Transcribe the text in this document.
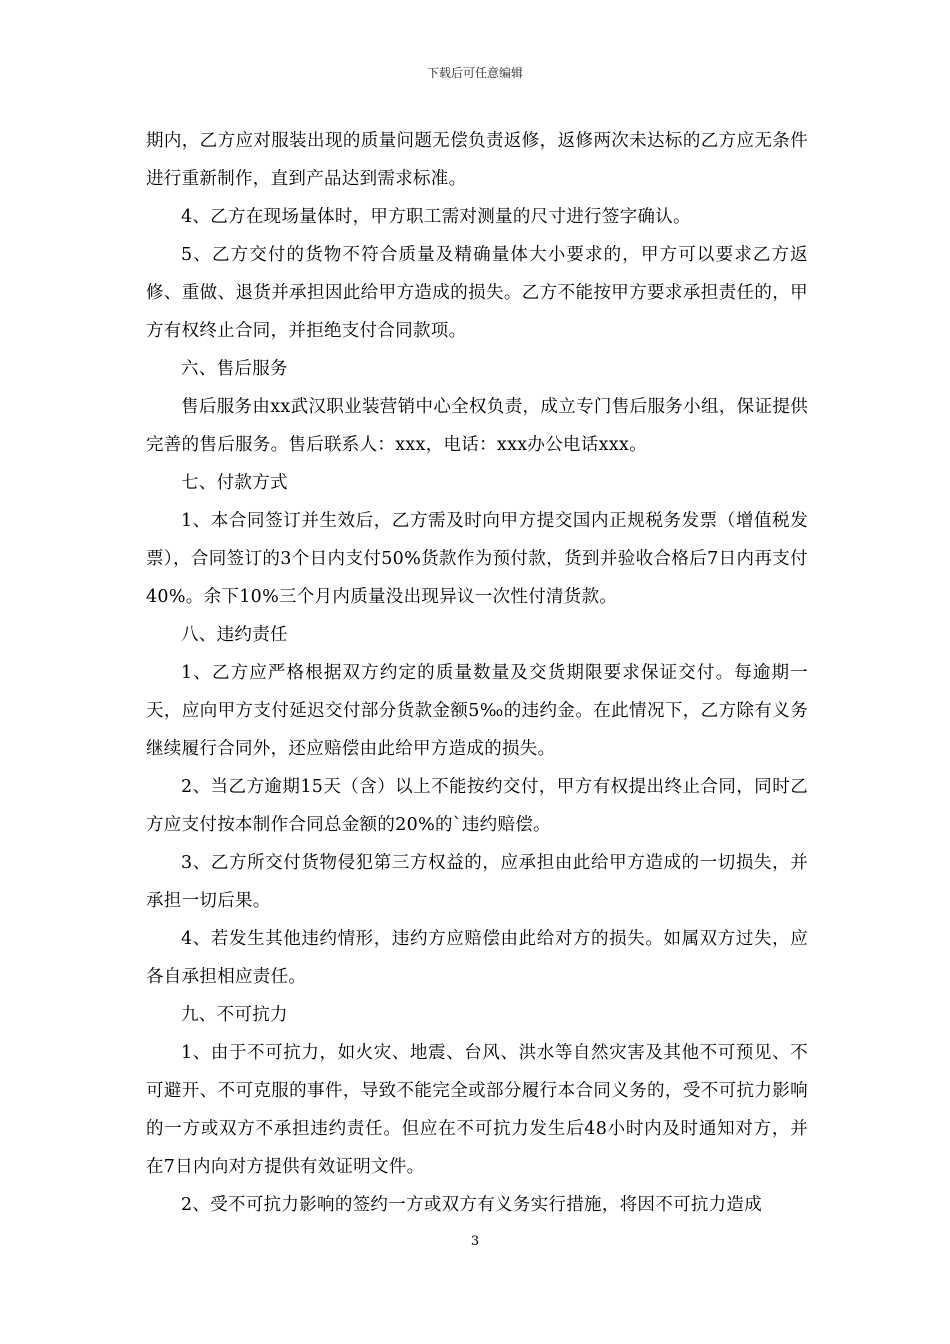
下载后可任意编辑

期内，乙方应对服装出现的质量问题无偿负责返修，返修两次未达标的乙方应无条件进行重新制作，直到产品达到需求标准。

4、乙方在现场量体时，甲方职工需对测量的尺寸进行签字确认。

5、乙方交付的货物不符合质量及精确量体大小要求的，甲方可以要求乙方返修、重做、退货并承担因此给甲方造成的损失。乙方不能按甲方要求承担责任的，甲方有权终止合同，并拒绝支付合同款项。

六、售后服务

售后服务由xx武汉职业装营销中心全权负责，成立专门售后服务小组，保证提供完善的售后服务。售后联系人：xxx，电话：xxx办公电话xxx。

七、付款方式

1、本合同签订并生效后，乙方需及时向甲方提交国内正规税务发票（增值税发票），合同签订的3个日内支付50%货款作为预付款，货到并验收合格后7日内再支付40%。余下10%三个月内质量没出现异议一次性付清货款。

八、违约责任

1、乙方应严格根据双方约定的质量数量及交货期限要求保证交付。每逾期一天，应向甲方支付延迟交付部分货款金额5‰的违约金。在此情况下，乙方除有义务继续履行合同外，还应赔偿由此给甲方造成的损失。

2、当乙方逾期15天（含）以上不能按约交付，甲方有权提出终止合同，同时乙方应支付按本制作合同总金额的20%的`违约赔偿。

3、乙方所交付货物侵犯第三方权益的，应承担由此给甲方造成的一切损失，并承担一切后果。

4、若发生其他违约情形，违约方应赔偿由此给对方的损失。如属双方过失，应各自承担相应责任。

九、不可抗力

1、由于不可抗力，如火灾、地震、台风、洪水等自然灾害及其他不可预见、不可避开、不可克服的事件，导致不能完全或部分履行本合同义务的，受不可抗力影响的一方或双方不承担违约责任。但应在不可抗力发生后48小时内及时通知对方，并在7日内向对方提供有效证明文件。

2、受不可抗力影响的签约一方或双方有义务实行措施，将因不可抗力造成

3
